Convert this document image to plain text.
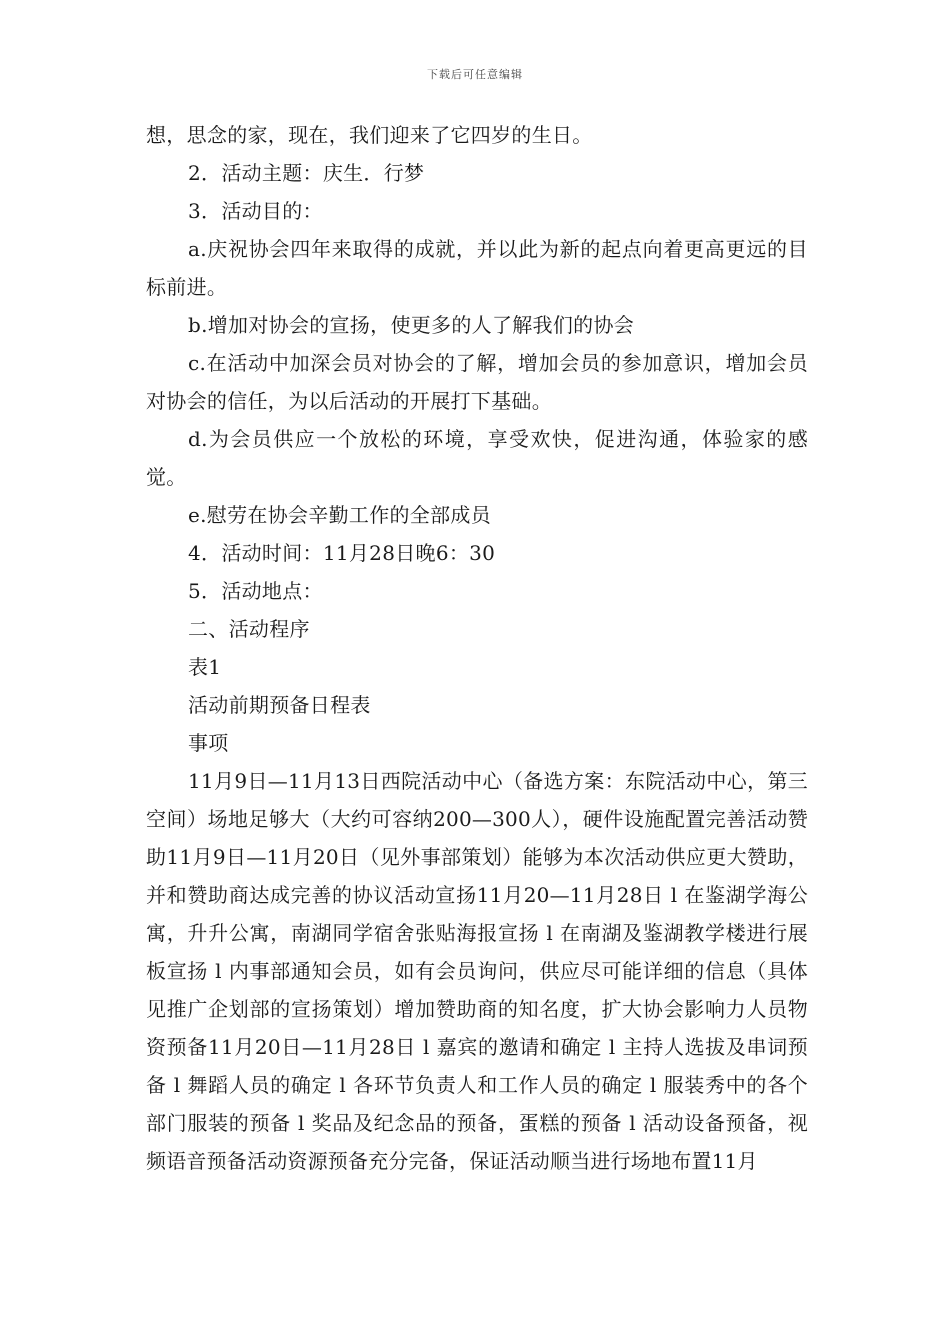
下载后可任意编辑

想，思念的家，现在，我们迎来了它四岁的生日。

2．活动主题：庆生．行梦

3．活动目的：

a.庆祝协会四年来取得的成就，并以此为新的起点向着更高更远的目标前进。

b.增加对协会的宣扬，使更多的人了解我们的协会

c.在活动中加深会员对协会的了解，增加会员的参加意识，增加会员对协会的信任，为以后活动的开展打下基础。

d.为会员供应一个放松的环境，享受欢快，促进沟通，体验家的感觉。

e.慰劳在协会辛勤工作的全部成员

4．活动时间：11月28日晚6：30

5．活动地点：

二、活动程序

表1

活动前期预备日程表

事项

11月9日—11月13日西院活动中心（备选方案：东院活动中心，第三空间）场地足够大（大约可容纳200—300人），硬件设施配置完善活动赞助11月9日—11月20日（见外事部策划）能够为本次活动供应更大赞助，并和赞助商达成完善的协议活动宣扬11月20—11月28日 l 在鉴湖学海公寓，升升公寓，南湖同学宿舍张贴海报宣扬 l 在南湖及鉴湖教学楼进行展板宣扬 l 内事部通知会员，如有会员询问，供应尽可能详细的信息（具体见推广企划部的宣扬策划）增加赞助商的知名度，扩大协会影响力人员物资预备11月20日—11月28日 l 嘉宾的邀请和确定 l 主持人选拔及串词预备 l 舞蹈人员的确定 l 各环节负责人和工作人员的确定 l 服装秀中的各个部门服装的预备 l 奖品及纪念品的预备，蛋糕的预备 l 活动设备预备，视频语音预备活动资源预备充分完备，保证活动顺当进行场地布置11月
